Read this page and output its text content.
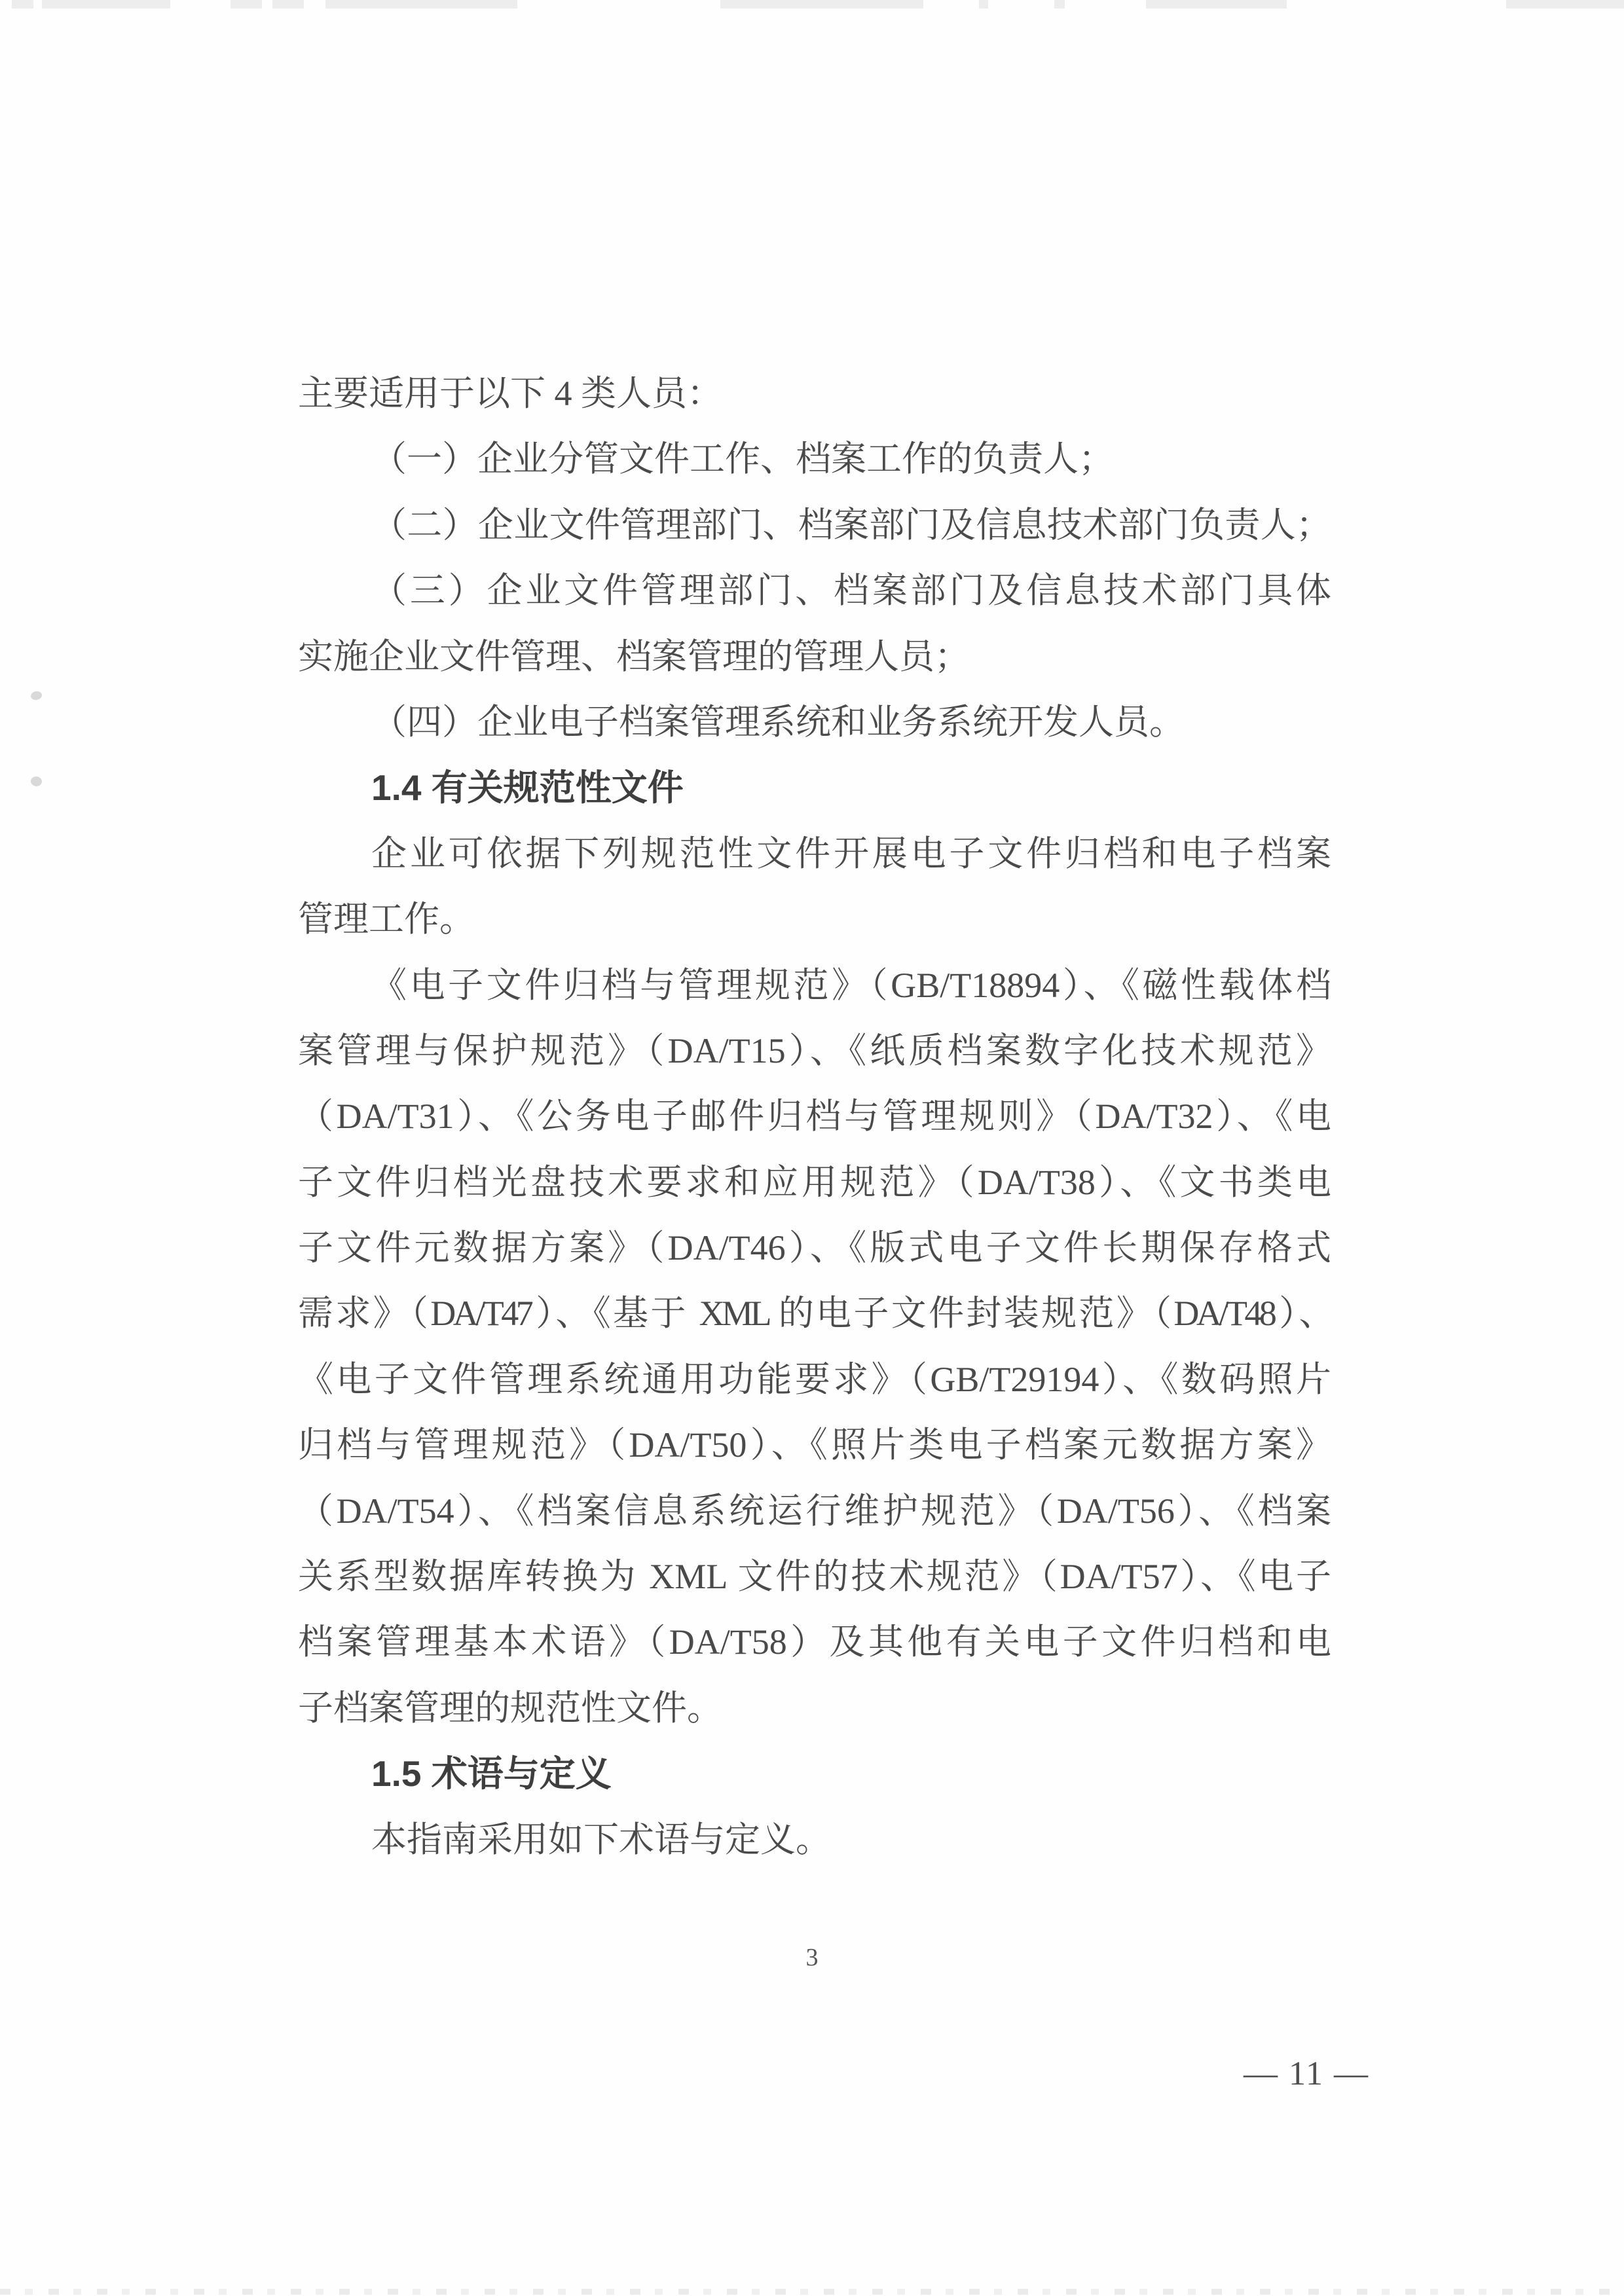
主要适用于以下 4 类人员：
（一）企业分管文件工作、档案工作的负责人；
（二）企业文件管理部门、档案部门及信息技术部门负责人；
（三）企业文件管理部门、档案部门及信息技术部门具体
实施企业文件管理、档案管理的管理人员；
（四）企业电子档案管理系统和业务系统开发人员。
1.4 有关规范性文件
企业可依据下列规范性文件开展电子文件归档和电子档案
管理工作。
《电子文件归档与管理规范》（GB/T18894）、《磁性载体档
案管理与保护规范》（DA/T15）、《纸质档案数字化技术规范》
（DA/T31）、《公务电子邮件归档与管理规则》（DA/T32）、《电
子文件归档光盘技术要求和应用规范》（DA/T38）、《文书类电
子文件元数据方案》（DA/T46）、《版式电子文件长期保存格式
需求》（DA/T47）、《基于 XML 的电子文件封装规范》（DA/T48）、
《电子文件管理系统通用功能要求》（GB/T29194）、《数码照片
归档与管理规范》（DA/T50）、《照片类电子档案元数据方案》
（DA/T54）、《档案信息系统运行维护规范》（DA/T56）、《档案
关系型数据库转换为 XML 文件的技术规范》（DA/T57）、《电子
档案管理基本术语》（DA/T58）及其他有关电子文件归档和电
子档案管理的规范性文件。
1.5 术语与定义
本指南采用如下术语与定义。
3
— 11 —
